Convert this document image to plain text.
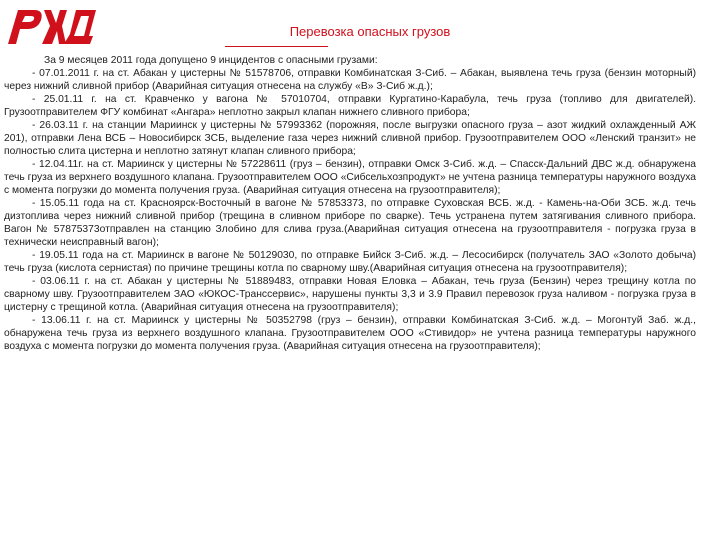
Перевозка опасных грузов

За 9 месяцев 2011 года допущено 9 инцидентов с опасными грузами:

- 07.01.2011 г. на ст. Абакан у цистерны № 51578706, отправки Комбинатская З-Сиб. – Абакан, выявлена течь груза (бензин моторный) через нижний сливной прибор (Аварийная ситуация отнесена на службу «В» З-Сиб ж.д.);

- 25.01.11 г. на ст. Кравченко у вагона № 57010704, отправки Кургатино-Карабула, течь груза (топливо для двигателей). Грузоотправителем ФГУ комбинат «Ангара» неплотно закрыл клапан нижнего сливного прибора;

- 26.03.11 г. на станции Мариинск у цистерны № 57993362 (порожняя, после выгрузки опасного груза – азот жидкий охлажденный АЖ 201), отправки Лена ВСБ – Новосибирск ЗСБ, выделение газа через нижний сливной прибор. Грузоотправителем ООО «Ленский транзит» не полностью слита цистерна и неплотно затянут клапан сливного прибора;

- 12.04.11г. на ст. Мариинск у цистерны № 57228611 (груз – бензин), отправки Омск З-Сиб. ж.д. – Спасск-Дальний ДВС ж.д. обнаружена течь груза из верхнего воздушного клапана. Грузоотправителем ООО «Сибсельхозпродукт» не учтена разница температуры наружного воздуха с момента погрузки до момента получения груза. (Аварийная ситуация отнесена на грузоотправителя);

- 15.05.11 года на ст. Красноярск-Восточный в вагоне № 57853373, по отправке Суховская ВСБ. ж.д. - Камень-на-Оби ЗСБ. ж.д. течь дизтоплива через нижний сливной прибор (трещина в сливном приборе по сварке). Течь устранена путем затягивания сливного прибора. Вагон № 57875373отправлен на станцию Злобино для слива груза.(Аварийная ситуация отнесена на грузоотправителя - погрузка груза в технически неисправный вагон);

- 19.05.11 года на ст. Мариинск в вагоне № 50129030, по отправке Бийск З-Сиб. ж.д. – Лесосибирск (получатель ЗАО «Золото добыча) течь груза (кислота сернистая) по причине трещины котла по сварному шву.(Аварийная ситуация отнесена на грузоотправителя);

- 03.06.11 г. на ст. Абакан у цистерны № 51889483, отправки Новая Еловка – Абакан, течь груза (Бензин) через трещину котла по сварному шву. Грузоотправителем ЗАО «ЮКОС-Трансcервис», нарушены пункты 3,3 и 3.9 Правил перевозок груза наливом - погрузка груза в цистерну с трещиной котла. (Аварийная ситуация отнесена на грузоотправителя);

- 13.06.11 г. на ст. Мариинск у цистерны № 50352798 (груз – бензин), отправки Комбинатская З-Сиб. ж.д. – Могонтуй Заб. ж.д., обнаружена течь груза из верхнего воздушного клапана. Грузоотправителем ООО «Стивидор» не учтена разница температуры наружного воздуха с момента погрузки до момента получения груза. (Аварийная ситуация отнесена на грузоотправителя);
